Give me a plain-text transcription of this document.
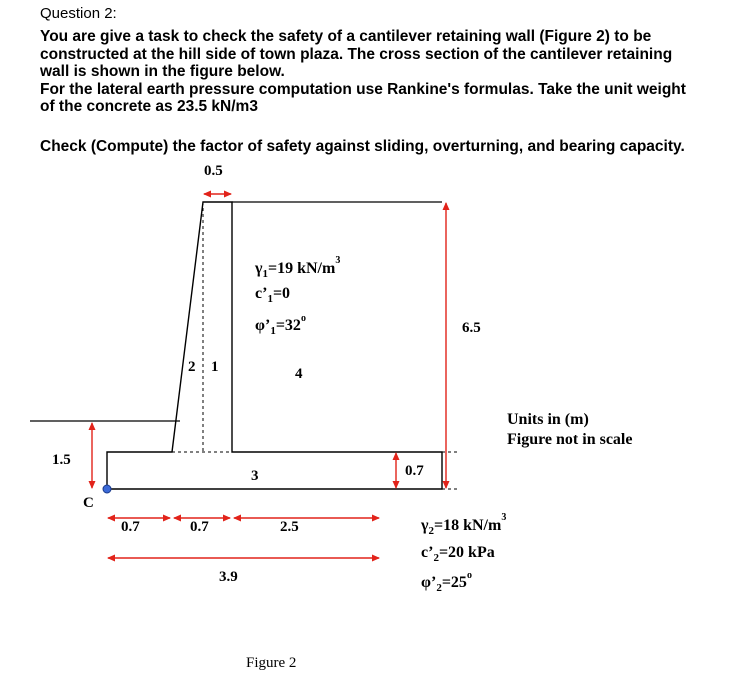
Question 2:
You are give a task to check the safety of a cantilever retaining wall (Figure 2) to be
constructed at the hill side of town plaza. The cross section of the cantilever retaining
wall is shown in the figure below.
For the lateral earth pressure computation use Rankine's formulas. Take the unit weight
of the concrete as 23.5 kN/m3
Check (Compute) the factor of safety against sliding, overturning, and bearing capacity.
0.5
6.5
1.5
0.7
C
0.7	0.7	2.5
3.9
1
2
3
4
$\gamma_1=19$ $kN/m^3$
$c’_1=0$
$\varphi’_1=32^o$
Units in (m)
Figure not in scale
$\gamma_2=18$ $kN/m^3$
$c’_2=20$ kPa
$\varphi’_2=25^o$
Figure 2
